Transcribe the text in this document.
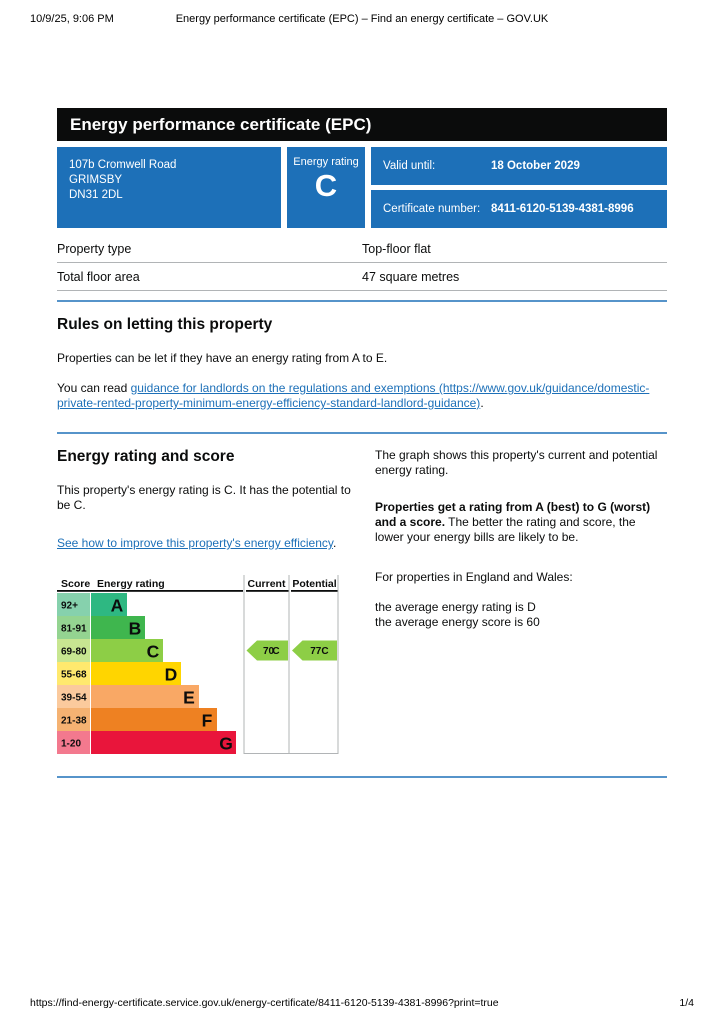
10/9/25, 9:06 PM	Energy performance certificate (EPC) – Find an energy certificate – GOV.UK
Energy performance certificate (EPC)
107b Cromwell Road
GRIMSBY
DN31 2DL
Energy rating
C
Valid until:	18 October 2029
Certificate number: 8411-6120-5139-4381-8996
Property type	Top-floor flat
Total floor area	47 square metres
Rules on letting this property

Properties can be let if they have an energy rating from A to E.

You can read guidance for landlords on the regulations and exemptions (https://www.gov.uk/guidance/domestic-private-rented-property-minimum-energy-efficiency-standard-landlord-guidance).

Energy rating and score

This property's energy rating is C. It has the potential to be C.

See how to improve this property's energy efficiency.

Score Energy rating	Current Potential
92+ A
81-91 B
69-80	C
55-68	D
39-54	E
21-38	F
1-20	G
70
C	77 C

The graph shows this property's current and potential energy rating.

Properties get a rating from A (best) to G (worst) and a score. The better the rating and score, the lower your energy bills are likely to be.

For properties in England and Wales:

the average energy rating is D
the average energy score is 60

https://find-energy-certificate.service.gov.uk/energy-certificate/8411-6120-5139-4381-8996?print=true	1/4
